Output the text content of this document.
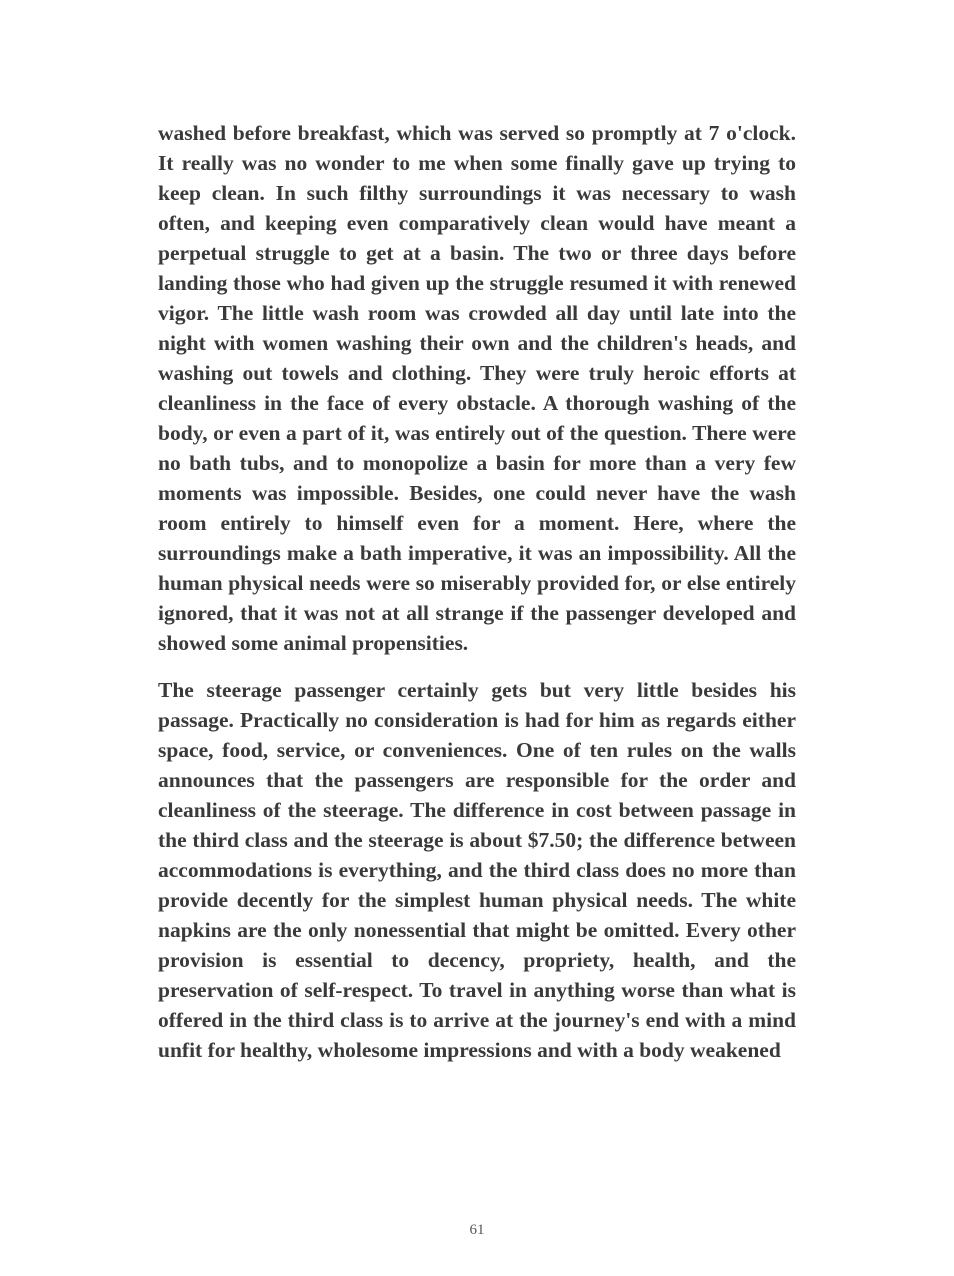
washed before breakfast, which was served so promptly at 7 o'clock. It really was no wonder to me when some finally gave up trying to keep clean. In such filthy surroundings it was necessary to wash often, and keeping even comparatively clean would have meant a perpetual struggle to get at a basin. The two or three days before landing those who had given up the struggle resumed it with renewed vigor. The little wash room was crowded all day until late into the night with women washing their own and the children's heads, and washing out towels and clothing. They were truly heroic efforts at cleanliness in the face of every obstacle. A thorough washing of the body, or even a part of it, was entirely out of the question. There were no bath tubs, and to monopolize a basin for more than a very few moments was impossible. Besides, one could never have the wash room entirely to himself even for a moment. Here, where the surroundings make a bath imperative, it was an impossibility. All the human physical needs were so miserably provided for, or else entirely ignored, that it was not at all strange if the passenger developed and showed some animal propensities.

The steerage passenger certainly gets but very little besides his passage. Practically no consideration is had for him as regards either space, food, service, or conveniences. One of ten rules on the walls announces that the passengers are responsible for the order and cleanliness of the steerage. The difference in cost between passage in the third class and the steerage is about $7.50; the difference between accommodations is everything, and the third class does no more than provide decently for the simplest human physical needs. The white napkins are the only nonessential that might be omitted. Every other provision is essential to decency, propriety, health, and the preservation of self-respect. To travel in anything worse than what is offered in the third class is to arrive at the journey's end with a mind unfit for healthy, wholesome impressions and with a body weakened

61
